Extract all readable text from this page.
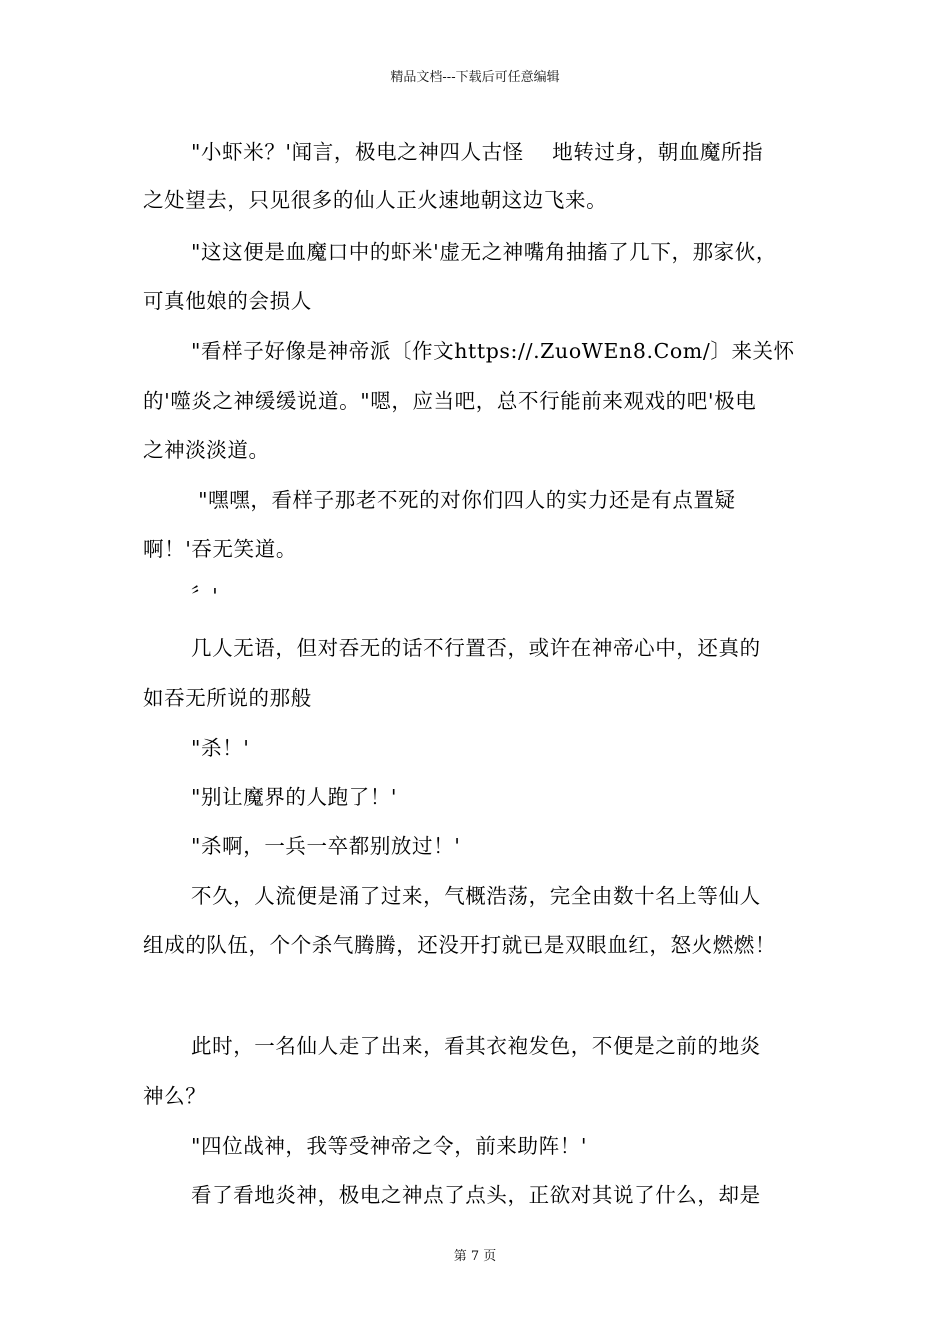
精品文档---下载后可任意编辑
"小虾米？'闻言，极电之神四人古怪    地转过身，朝血魔所指
之处望去，只见很多的仙人正火速地朝这边飞来。
"这这便是血魔口中的虾米'虚无之神嘴角抽搐了几下，那家伙，
可真他娘的会损人
"看样子好像是神帝派〔作文https://.ZuoWEn8.Com/〕来关怀
的'噬炎之神缓缓说道。"嗯，应当吧，总不行能前来观戏的吧'极电
之神淡淡道。
"嘿嘿，看样子那老不死的对你们四人的实力还是有点置疑
啊！'吞无笑道。
〞'
几人无语，但对吞无的话不行置否，或许在神帝心中，还真的
如吞无所说的那般
"杀！'
"别让魔界的人跑了！'
"杀啊，一兵一卒都别放过！'
不久，人流便是涌了过来，气概浩荡，完全由数十名上等仙人
组成的队伍，个个杀气腾腾，还没开打就已是双眼血红，怒火燃燃！
此时，一名仙人走了出来，看其衣袍发色，不便是之前的地炎
神么？
"四位战神，我等受神帝之令，前来助阵！'
看了看地炎神，极电之神点了点头，正欲对其说了什么，却是
第 7 页
